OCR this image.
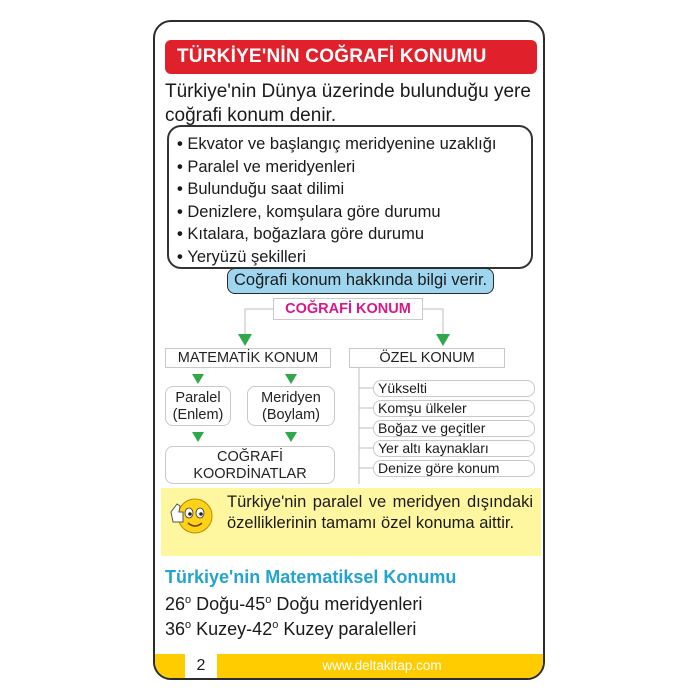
TÜRKİYE'NİN COĞRAFİ KONUMU
Türkiye'nin Dünya üzerinde bulunduğu yere coğrafi konum denir.
• Ekvator ve başlangıç meridyenine uzaklığı
• Paralel ve meridyenleri
• Bulunduğu saat dilimi
• Denizlere, komşulara göre durumu
• Kıtalara, boğazlara göre durumu
• Yeryüzü şekilleri
Coğrafi konum hakkında bilgi verir.
COĞRAFİ KONUM
MATEMATİK KONUM	ÖZEL KONUM
Paralel
(Enlem)
Meridyen
(Boylam)
COĞRAFİ
KOORDİNATLAR
Yükselti
Komşu ülkeler
Boğaz ve geçitler
Yer altı kaynakları
Denize göre konum
Türkiye'nin paralel ve meridyen dışındaki özelliklerinin tamamı özel konuma aittir.
Türkiye'nin Matematiksel Konumu
26$^o$ Doğu-45$^o$ Doğu meridyenleri
36$^o$ Kuzey-42$^o$ Kuzey paralelleri
2	www.deltakitap.com
